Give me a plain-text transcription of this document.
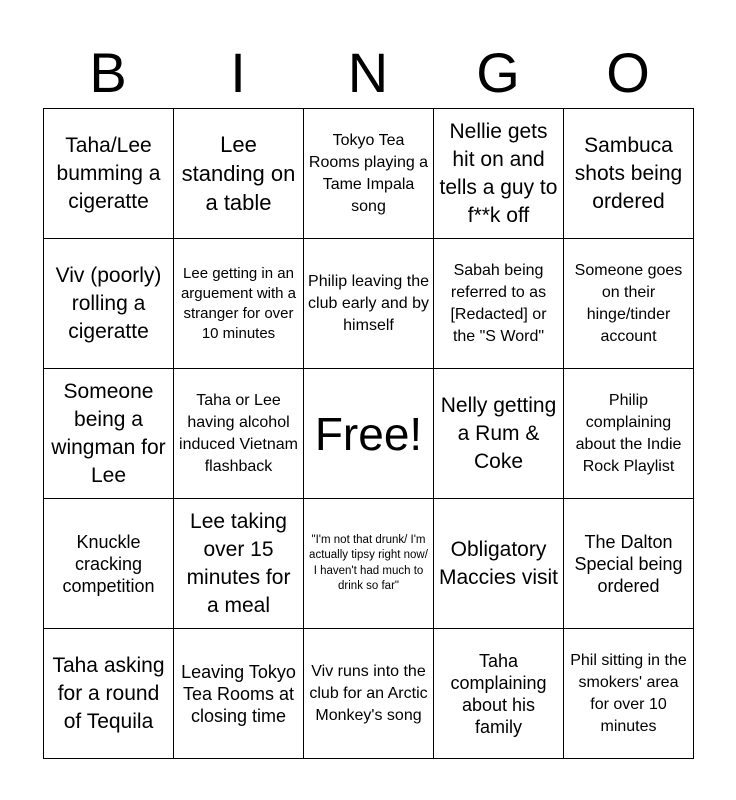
B	I	N	G	O
Taha/Lee bumming a cigeratte	Lee standing on a table	Tokyo Tea Rooms playing a Tame Impala song	Nellie gets hit on and tells a guy to f**k off	Sambuca shots being ordered
Viv (poorly) rolling a cigeratte	Lee getting in an arguement with a stranger for over 10 minutes	Philip leaving the club early and by himself	Sabah being referred to as [Redacted] or the "S Word"	Someone goes on their hinge/tinder account
Someone being a wingman for Lee	Taha or Lee having alcohol induced Vietnam flashback	Free!	Nelly getting a Rum & Coke	Philip complaining about the Indie Rock Playlist
Knuckle cracking competition	Lee taking over 15 minutes for a meal	"I'm not that drunk/ I'm actually tipsy right now/ I haven't had much to drink so far"	Obligatory Maccies visit	The Dalton Special being ordered
Taha asking for a round of Tequila	Leaving Tokyo Tea Rooms at closing time	Viv runs into the club for an Arctic Monkey's song	Taha complaining about his family	Phil sitting in the smokers' area for over 10 minutes
